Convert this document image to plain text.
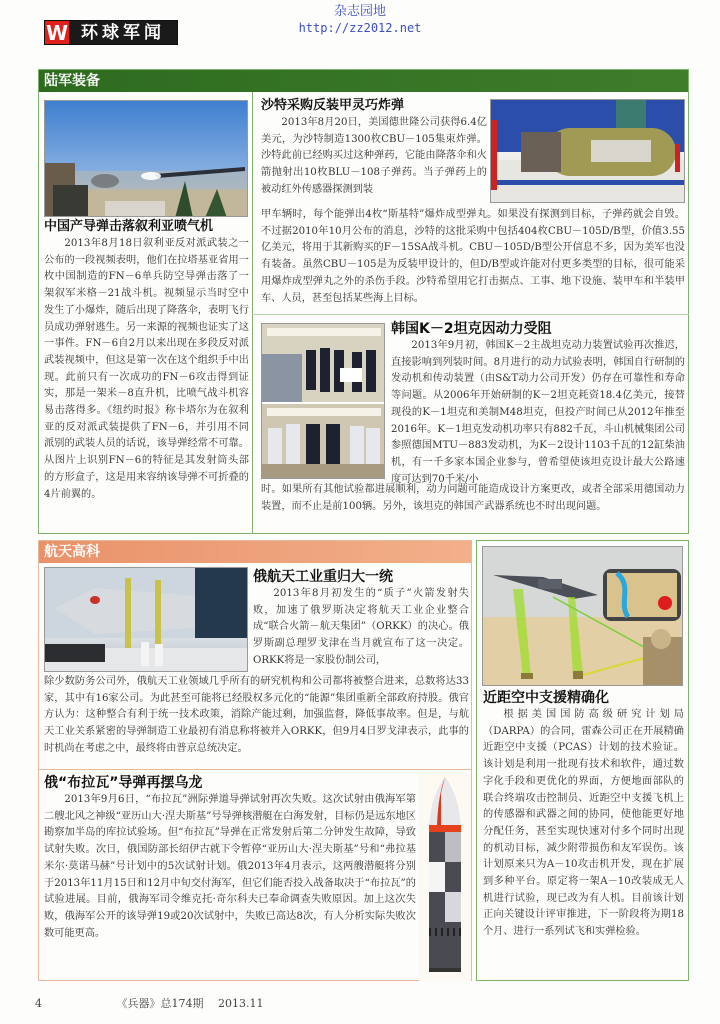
杂志园地
http://zz2012.net
W 环球军闻
陆军装备
中国产导弹击落叙利亚喷气机
2013年8月18日叙利亚反对派武装之一公布的一段视频表明，他们在拉塔基亚省用一枚中国制造的FN－6单兵防空导弹击落了一架叙军米格－21战斗机。视频显示当时空中发生了小爆炸，随后出现了降落伞，表明飞行员成功弹射逃生。另一来源的视频也证实了这一事件。FN－6自2月以来出现在多段反对派武装视频中，但这是第一次在这个组织手中出现。此前只有一次成功的FN－6攻击得到证实，那是一架米－8直升机，比喷气战斗机容易击落得多。《纽约时报》称卡塔尔为在叙利亚的反对派武装提供了FN－6，并引用不同派别的武装人员的话说，该导弹经常不可靠。从图片上识别FN－6的特征是其发射筒头部的方形盒子，这是用来容纳该导弹不可折叠的4片前翼的。
沙特采购反装甲灵巧炸弹
2013年8月20日，美国德世隆公司获得6.4亿美元，为沙特制造1300枚CBU－105集束炸弹。沙特此前已经购买过这种弹药，它能由降落伞和火箭抛射出10枚BLU－108子弹药。当子弹药上的被动红外传感器探测到装
甲车辆时，每个能弹出4枚“斯基特”爆炸成型弹丸。如果没有探测到目标，子弹药就会自毁。不过据2010年10月公布的消息，沙特的这批采购中包括404枚CBU－105D/B型，价值3.55亿美元，将用于其新购买的F－15SA战斗机。CBU－105D/B型公开信息不多，因为美军也没有装备。虽然CBU－105是为反装甲设计的，但D/B型或许能对付更多类型的目标，很可能采用爆炸成型弹丸之外的杀伤手段。沙特希望用它打击据点、工事、地下设施、装甲车和半装甲车、人员，甚至包括某些海上目标。
韩国K－2坦克因动力受阻
2013年9月初，韩国K－2主战坦克动力装置试验再次推迟，直接影响到列装时间。8月进行的动力试验表明，韩国自行研制的发动机和传动装置（由S&T动力公司开发）仍存在可靠性和寿命等问题。从2006年开始研制的K－2坦克耗资18.4亿美元，接替现役的K－1坦克和美制M48坦克，但投产时间已从2012年推至2016年。K－1坦克发动机功率只有882千瓦，斗山机械集团公司参照德国MTU－883发动机，为K－2设计1103千瓦的12缸柴油机，有一千多家本国企业参与，曾希望使该坦克设计最大公路速度可达到70千米/小
时。如果所有其他试验都进展顺利，动力问题可能造成设计方案更改，或者全部采用德国动力装置，而不止是前100辆。另外，该坦克的韩国产武器系统也不时出现问题。
航天高科
俄航天工业重归大一统
2013年8月初发生的“质子”火箭发射失败，加速了俄罗斯决定将航天工业企业整合成“联合火箭－航天集团”（ORKK）的决心。俄罗斯副总理罗戈津在当月就宣布了这一决定。ORKK将是一家股份制公司，
除少数防务公司外，俄航天工业领域几乎所有的研究机构和公司都将被整合进来，总数将达33家，其中有16家公司。为此甚至可能将已经股权多元化的“能源”集团重新全部政府持股。俄官方认为：这种整合有利于统一技术政策，消除产能过剩，加强监督，降低事故率。但是，与航天工业关系紧密的导弹制造工业最初有消息称将被并入ORKK，但9月4日罗戈津表示，此事的时机尚在考虑之中，最终将由普京总统决定。
俄“布拉瓦”导弹再摆乌龙
2013年9月6日，“布拉瓦”洲际弹道导弹试射再次失败。这次试射由俄海军第二艘北风之神级“亚历山大·涅夫斯基”号导弹核潜艇在白海发射，目标仍是远东地区勘察加半岛的库拉试验场。但“布拉瓦”导弹在正常发射后第二分钟发生故障，导致试射失败。次日，俄国防部长绍伊古就下令暂停“亚历山大·涅夫斯基”号和“弗拉基米尔·莫诺马赫”号计划中的5次试射计划。俄2013年4月表示，这两艘潜艇将分别于2013年11月15日和12月中旬交付海军，但它们能否投入战备取决于“布拉瓦”的试验进展。目前，俄海军司令维克托·奇尔科夫已奉命调查失败原因。加上这次失败，俄海军公开的该导弹19或20次试射中，失败已高达8次，有人分析实际失败次数可能更高。
近距空中支援精确化
根据美国国防高级研究计划局（DARPA）的合同，雷森公司正在开展精确近距空中支援（PCAS）计划的技术验证。该计划是利用一批现有技术和软件，通过数字化手段和更优化的界面，方便地面部队的联合终端攻击控制员、近距空中支援飞机上的传感器和武器之间的协同，使他能更好地分配任务，甚至实现快速对付多个同时出现的机动目标，减少附带损伤和友军误伤。该计划原来只为A－10攻击机开发，现在扩展到多种平台。原定将一架A－10改装成无人机进行试验，现已改为有人机。目前该计划正向关键设计评审推进，下一阶段将为期18个月、进行一系列试飞和实弹检验。
4	《兵器》总174期 2013.11
